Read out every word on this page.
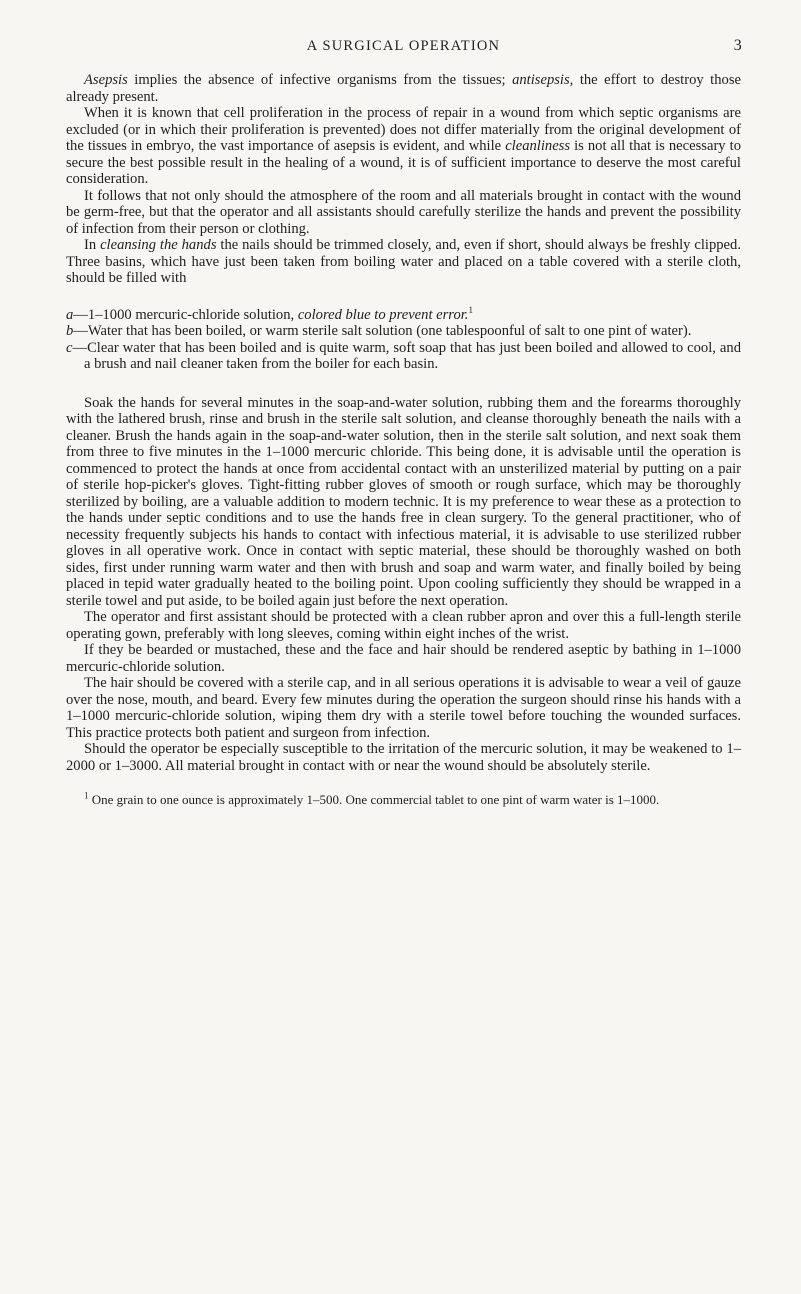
A SURGICAL OPERATION	3

Asepsis implies the absence of infective organisms from the tissues; antisepsis, the effort to destroy those already present.

When it is known that cell proliferation in the process of repair in a wound from which septic organisms are excluded (or in which their proliferation is prevented) does not differ materially from the original development of the tissues in embryo, the vast importance of asepsis is evident, and while cleanliness is not all that is necessary to secure the best possible result in the healing of a wound, it is of sufficient importance to deserve the most careful consideration.

It follows that not only should the atmosphere of the room and all materials brought in contact with the wound be germ-free, but that the operator and all assistants should carefully sterilize the hands and prevent the possibility of infection from their person or clothing.

In cleansing the hands the nails should be trimmed closely, and, even if short, should always be freshly clipped. Three basins, which have just been taken from boiling water and placed on a table covered with a sterile cloth, should be filled with

a—1–1000 mercuric-chloride solution, colored blue to prevent error.$^1$
b—Water that has been boiled, or warm sterile salt solution (one tablespoonful of salt to one pint of water).
c—Clear water that has been boiled and is quite warm, soft soap that has just been boiled and allowed to cool, and a brush and nail cleaner taken from the boiler for each basin.

Soak the hands for several minutes in the soap-and-water solution, rubbing them and the forearms thoroughly with the lathered brush, rinse and brush in the sterile salt solution, and cleanse thoroughly beneath the nails with a cleaner. Brush the hands again in the soap-and-water solution, then in the sterile salt solution, and next soak them from three to five minutes in the 1–1000 mercuric chloride. This being done, it is advisable until the operation is commenced to protect the hands at once from accidental contact with an unsterilized material by putting on a pair of sterile hop-picker's gloves. Tight-fitting rubber gloves of smooth or rough surface, which may be thoroughly sterilized by boiling, are a valuable addition to modern technic. It is my preference to wear these as a protection to the hands under septic conditions and to use the hands free in clean surgery. To the general practitioner, who of necessity frequently subjects his hands to contact with infectious material, it is advisable to use sterilized rubber gloves in all operative work. Once in contact with septic material, these should be thoroughly washed on both sides, first under running warm water and then with brush and soap and warm water, and finally boiled by being placed in tepid water gradually heated to the boiling point. Upon cooling sufficiently they should be wrapped in a sterile towel and put aside, to be boiled again just before the next operation.

The operator and first assistant should be protected with a clean rubber apron and over this a full-length sterile operating gown, preferably with long sleeves, coming within eight inches of the wrist.

If they be bearded or mustached, these and the face and hair should be rendered aseptic by bathing in 1–1000 mercuric-chloride solution.

The hair should be covered with a sterile cap, and in all serious operations it is advisable to wear a veil of gauze over the nose, mouth, and beard. Every few minutes during the operation the surgeon should rinse his hands with a 1–1000 mercuric-chloride solution, wiping them dry with a sterile towel before touching the wounded surfaces. This practice protects both patient and surgeon from infection.

Should the operator be especially susceptible to the irritation of the mercuric solution, it may be weakened to 1–2000 or 1–3000. All material brought in contact with or near the wound should be absolutely sterile.

$^1$ One grain to one ounce is approximately 1–500. One commercial tablet to one pint of warm water is 1–1000.
